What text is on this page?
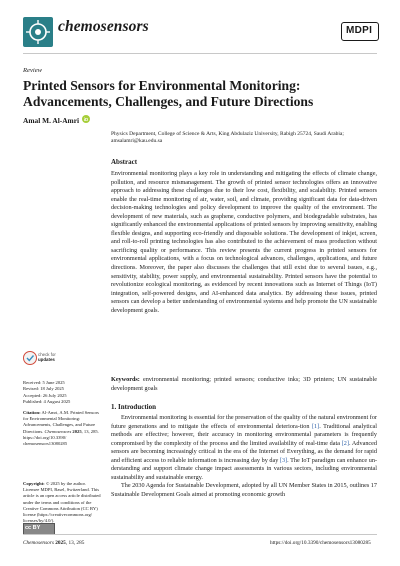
chemosensors	MDPI
Review
Printed Sensors for Environmental Monitoring: Advancements, Challenges, and Future Directions
Amal M. Al-Amri iD
Physics Department, College of Science & Arts, King Abdulaziz University, Rabigh 25724, Saudi Arabia; amsalamri@kau.edu.sa
Abstract
Environmental monitoring plays a key role in understanding and mitigating the effects of climate change, pollution, and resource mismanagement. The growth of printed sensor technologies offers an innovative approach to addressing these challenges due to their low cost, flexibility, and scalability. Printed sensors enable the real-time monitoring of air, water, soil, and climate, providing significant data for data-driven decision-making technologies and policy development to improve the quality of the environment. The development of new materials, such as graphene, conductive polymers, and biodegradable substrates, has significantly enhanced the environmental applications of printed sensors by improving sensitivity, enabling flexible designs, and supporting eco-friendly and disposable solutions. The development of inkjet, screen, and roll-to-roll printing technologies has also contributed to the achievement of mass production without sacrificing quality or performance. This review presents the current progress in printed sensors for environmental applications, with a focus on technological advances, challenges, applications, and future directions. Moreover, the paper also discusses the challenges that still exist due to several issues, e.g., sensitivity, stability, power supply, and environmental sustainability. Printed sensors have the potential to revolutionize ecological monitoring, as evidenced by recent innovations such as Internet of Things (IoT) integration, self-powered designs, and AI-enhanced data analytics. By addressing these issues, printed sensors can develop a better understanding of environmental systems and help promote the UN sustainable development goals.
Keywords: environmental monitoring; printed sensors; conductive inks; 3D printers; UN sustainable development goals
1. Introduction

Environmental monitoring is essential for the preservation of the quality of the natural environment for future generations and to mitigate the effects of environmental deteriora-tion [1]. Traditional analytical methods are effective; however, their accuracy in monitoring environmental parameters is frequently compromised by the complexity of the process and the limited availability of real-time data [2]. Advanced sensors are becoming increasingly critical in the era of the Internet of Everything, as the demand for rapid and efficient access to reliable information is increasing day by day [3]. The IoT paradigm can enhance un-derstanding and support climate change impact assessments in various sectors, including environmental sustainability and sustainable energy.

The 2030 Agenda for Sustainable Development, adopted by all UN Member States in 2015, outlines 17 Sustainable Development Goals aimed at promoting economic growth

check for
updates
Received: 5 June 2025
Revised: 18 July 2025
Accepted: 26 July 2025
Published: 4 August 2025
Citation: Al-Amri, A.M. Printed Sensors for Environmental Monitoring: Advancements, Challenges, and Future Directions. Chemosensors 2025, 13, 285. https://doi.org/10.3390/ chemosensors13080285
Copyright: © 2025 by the author. Licensee MDPI, Basel, Switzerland. This article is an open access article distributed under the terms and conditions of the Creative Commons Attribution (CC BY) license (https://creativecommons.org/ licenses/by/4.0/).
cc BY
Chemosensors 2025, 13, 285	https://doi.org/10.3390/chemosensors13080285
